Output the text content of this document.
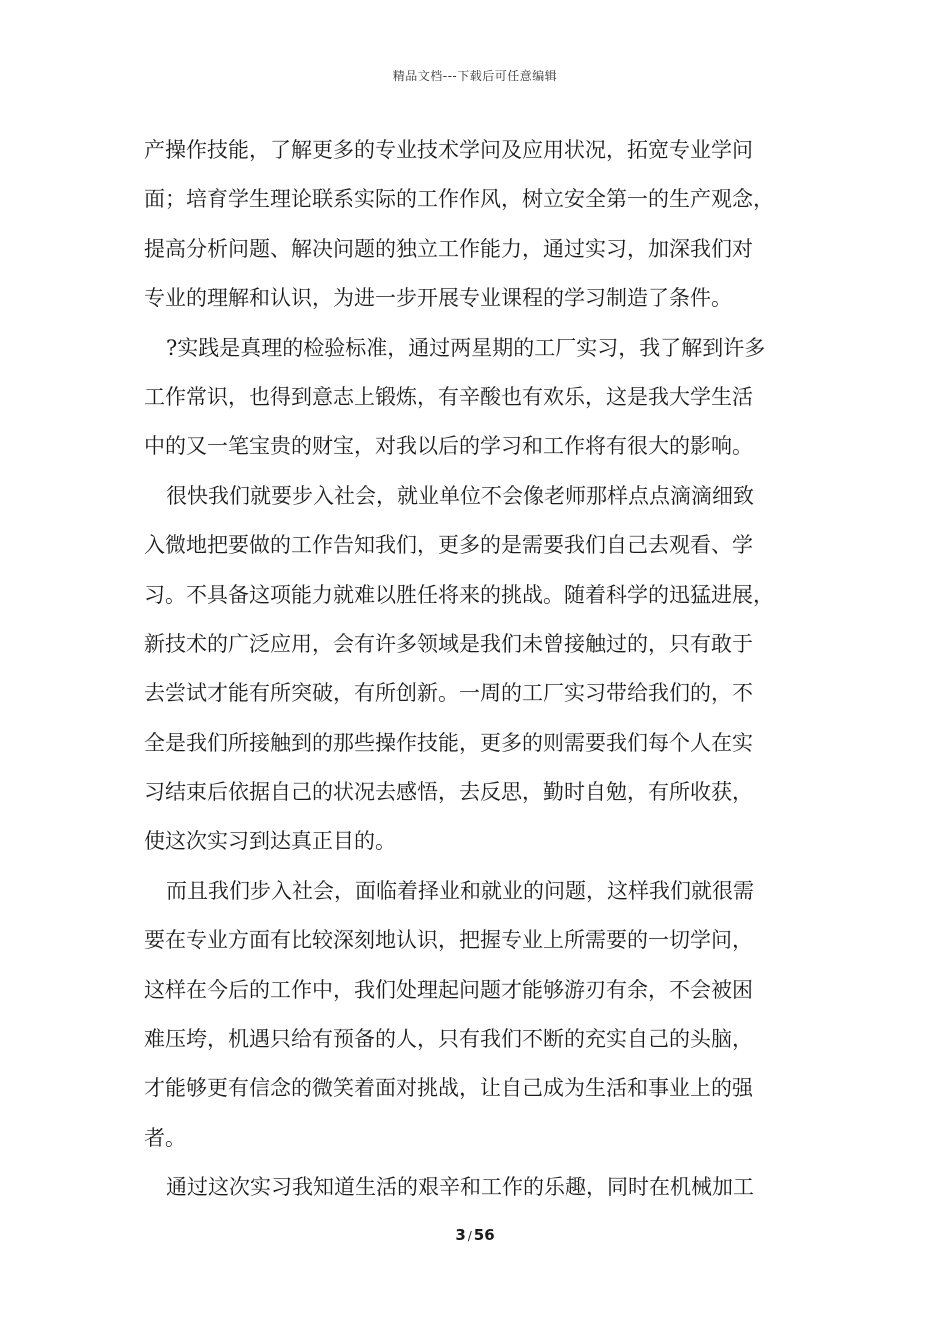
精品文档---下载后可任意编辑
产操作技能，了解更多的专业技术学问及应用状况，拓宽专业学问
面；培育学生理论联系实际的工作作风，树立安全第一的生产观念，
提高分析问题、解决问题的独立工作能力，通过实习，加深我们对
专业的理解和认识，为进一步开展专业课程的学习制造了条件。
?实践是真理的检验标准，通过两星期的工厂实习，我了解到许多
工作常识，也得到意志上锻炼，有辛酸也有欢乐，这是我大学生活
中的又一笔宝贵的财宝，对我以后的学习和工作将有很大的影响。
很快我们就要步入社会，就业单位不会像老师那样点点滴滴细致
入微地把要做的工作告知我们，更多的是需要我们自己去观看、学
习。不具备这项能力就难以胜任将来的挑战。随着科学的迅猛进展，
新技术的广泛应用，会有许多领域是我们未曾接触过的，只有敢于
去尝试才能有所突破，有所创新。一周的工厂实习带给我们的，不
全是我们所接触到的那些操作技能，更多的则需要我们每个人在实
习结束后依据自己的状况去感悟，去反思，勤时自勉，有所收获，
使这次实习到达真正目的。
而且我们步入社会，面临着择业和就业的问题，这样我们就很需
要在专业方面有比较深刻地认识，把握专业上所需要的一切学问，
这样在今后的工作中，我们处理起问题才能够游刃有余，不会被困
难压垮，机遇只给有预备的人，只有我们不断的充实自己的头脑，
才能够更有信念的微笑着面对挑战，让自己成为生活和事业上的强
者。
通过这次实习我知道生活的艰辛和工作的乐趣，同时在机械加工
3 / 56
